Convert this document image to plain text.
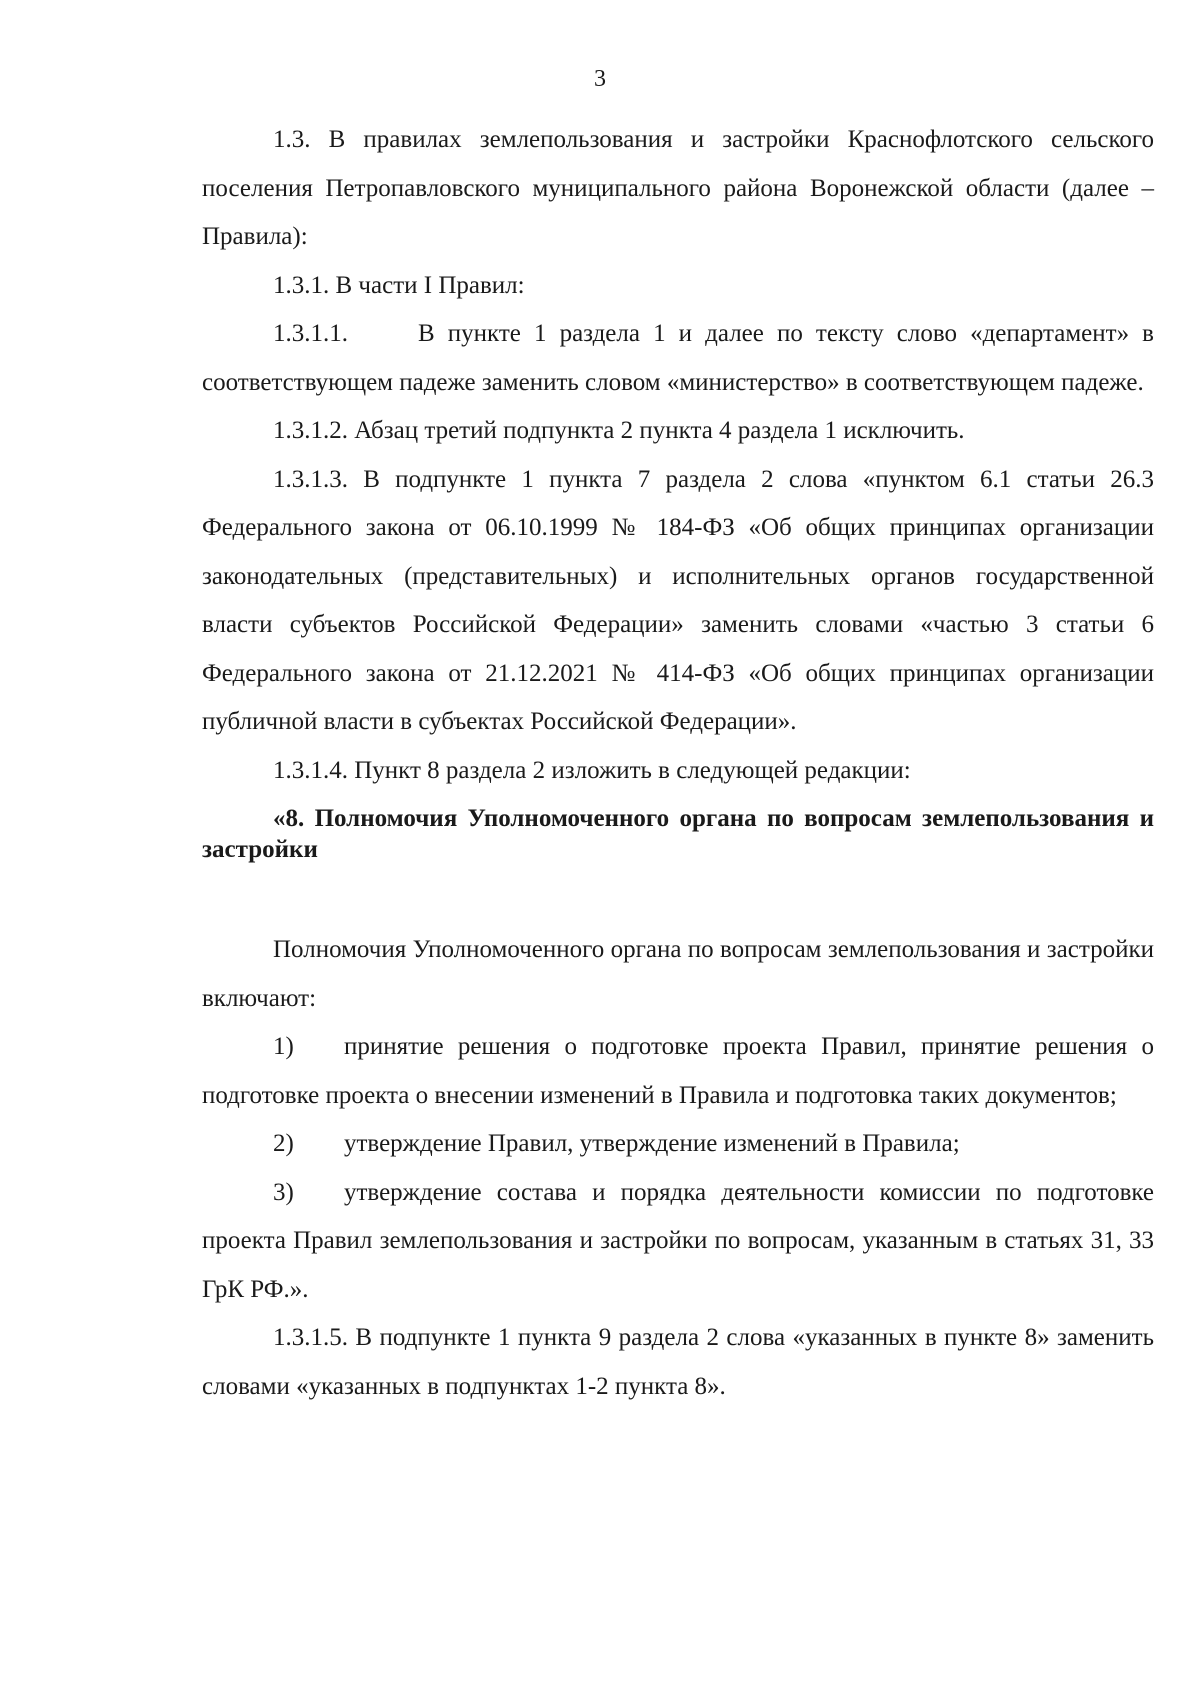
3

1.3. В правилах землепользования и застройки Краснофлотского сельского поселения Петропавловского муниципального района Воронежской области (далее – Правила):

1.3.1. В части I Правил:

1.3.1.1.	В пункте 1 раздела 1 и далее по тексту слово «департамент» в соответствующем падеже заменить словом «министерство» в соответствующем падеже.

1.3.1.2. Абзац третий подпункта 2 пункта 4 раздела 1 исключить.

1.3.1.3. В подпункте 1 пункта 7 раздела 2 слова «пунктом 6.1 статьи 26.3 Федерального закона от 06.10.1999 № 184-ФЗ «Об общих принципах организации законодательных (представительных) и исполнительных органов государственной власти субъектов Российской Федерации» заменить словами «частью 3 статьи 6 Федерального закона от 21.12.2021 № 414-ФЗ «Об общих принципах организации публичной власти в субъектах Российской Федерации».

1.3.1.4. Пункт 8 раздела 2 изложить в следующей редакции:

«8. Полномочия Уполномоченного органа по вопросам землепользования и застройки

Полномочия Уполномоченного органа по вопросам землепользования и застройки включают:

1) принятие решения о подготовке проекта Правил, принятие решения о подготовке проекта о внесении изменений в Правила и подготовка таких документов;

2) утверждение Правил, утверждение изменений в Правила;

3) утверждение состава и порядка деятельности комиссии по подготовке проекта Правил землепользования и застройки по вопросам, указанным в статьях 31, 33 ГрК РФ.».

1.3.1.5. В подпункте 1 пункта 9 раздела 2 слова «указанных в пункте 8» заменить словами «указанных в подпунктах 1-2 пункта 8».
